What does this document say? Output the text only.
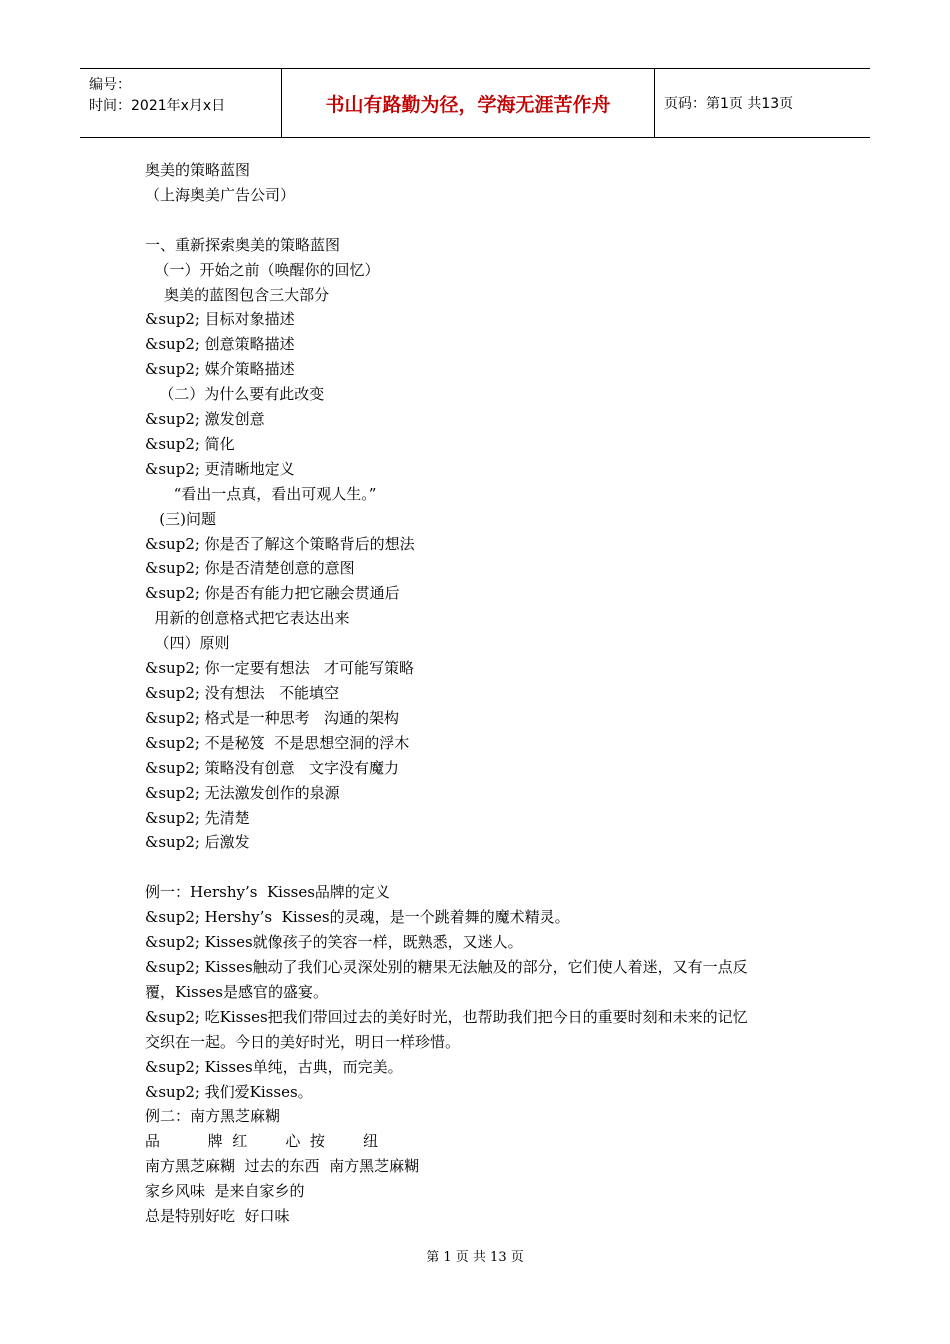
编号：
时间：2021年x月x日	书山有路勤为径，学海无涯苦作舟	页码：第1页 共13页
奥美的策略蓝图
（上海奥美广告公司）
一、重新探索奥美的策略蓝图
（一）开始之前（唤醒你的回忆）
奥美的蓝图包含三大部分
&sup2; 目标对象描述
&sup2; 创意策略描述
&sup2; 媒介策略描述
（二）为什么要有此改变
&sup2; 激发创意
&sup2; 简化
&sup2; 更清晰地定义
“看出一点真，看出可观人生。”
(三)问题
&sup2; 你是否了解这个策略背后的想法
&sup2; 你是否清楚创意的意图
&sup2; 你是否有能力把它融会贯通后
用新的创意格式把它表达出来
（四）原则
&sup2; 你一定要有想法   才可能写策略
&sup2; 没有想法   不能填空
&sup2; 格式是一种思考   沟通的架构
&sup2; 不是秘笈  不是思想空洞的浮木
&sup2; 策略没有创意   文字没有魔力
&sup2; 无法激发创作的泉源
&sup2; 先清楚
&sup2; 后激发
例一：Hershy’s  Kisses品牌的定义
&sup2; Hershy’s  Kisses的灵魂，是一个跳着舞的魔术精灵。
&sup2; Kisses就像孩子的笑容一样，既熟悉，又迷人。
&sup2; Kisses触动了我们心灵深处别的糖果无法触及的部分，它们使人着迷，又有一点反
覆，Kisses是感官的盛宴。
&sup2; 吃Kisses把我们带回过去的美好时光，也帮助我们把今日的重要时刻和未来的记忆
交织在一起。今日的美好时光，明日一样珍惜。
&sup2; Kisses单纯，古典，而完美。
&sup2; 我们爱Kisses。
例二：南方黑芝麻糊
品          牌  红        心  按        纽
南方黑芝麻糊  过去的东西  南方黑芝麻糊
家乡风味  是来自家乡的
总是特别好吃  好口味
第 1 页 共 13 页
